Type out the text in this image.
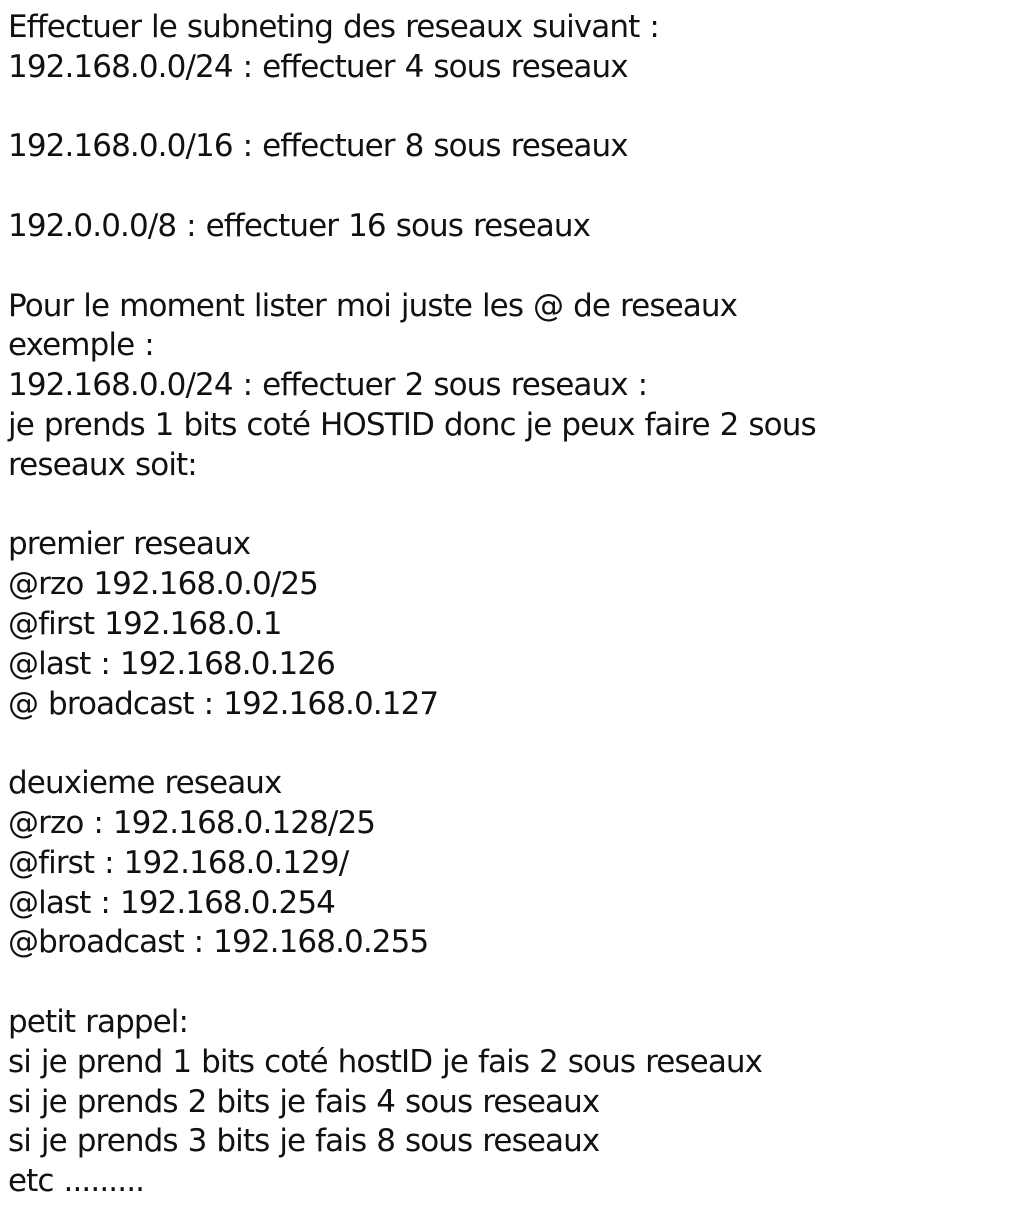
Effectuer le subneting des reseaux suivant :
192.168.0.0/24 : effectuer 4 sous reseaux
192.168.0.0/16 : effectuer 8 sous reseaux
192.0.0.0/8 : effectuer 16 sous reseaux
Pour le moment lister moi juste les @ de reseaux
exemple :
192.168.0.0/24 : effectuer 2 sous reseaux :
je prends 1 bits coté HOSTID donc je peux faire 2 sous
reseaux soit:
premier reseaux
@rzo 192.168.0.0/25
@first 192.168.0.1
@last : 192.168.0.126
@ broadcast : 192.168.0.127
deuxieme reseaux
@rzo : 192.168.0.128/25
@first : 192.168.0.129/
@last : 192.168.0.254
@broadcast : 192.168.0.255
petit rappel:
si je prend 1 bits coté hostID je fais 2 sous reseaux
si je prends 2 bits je fais 4 sous reseaux
si je prends 3 bits je fais 8 sous reseaux
etc .........
